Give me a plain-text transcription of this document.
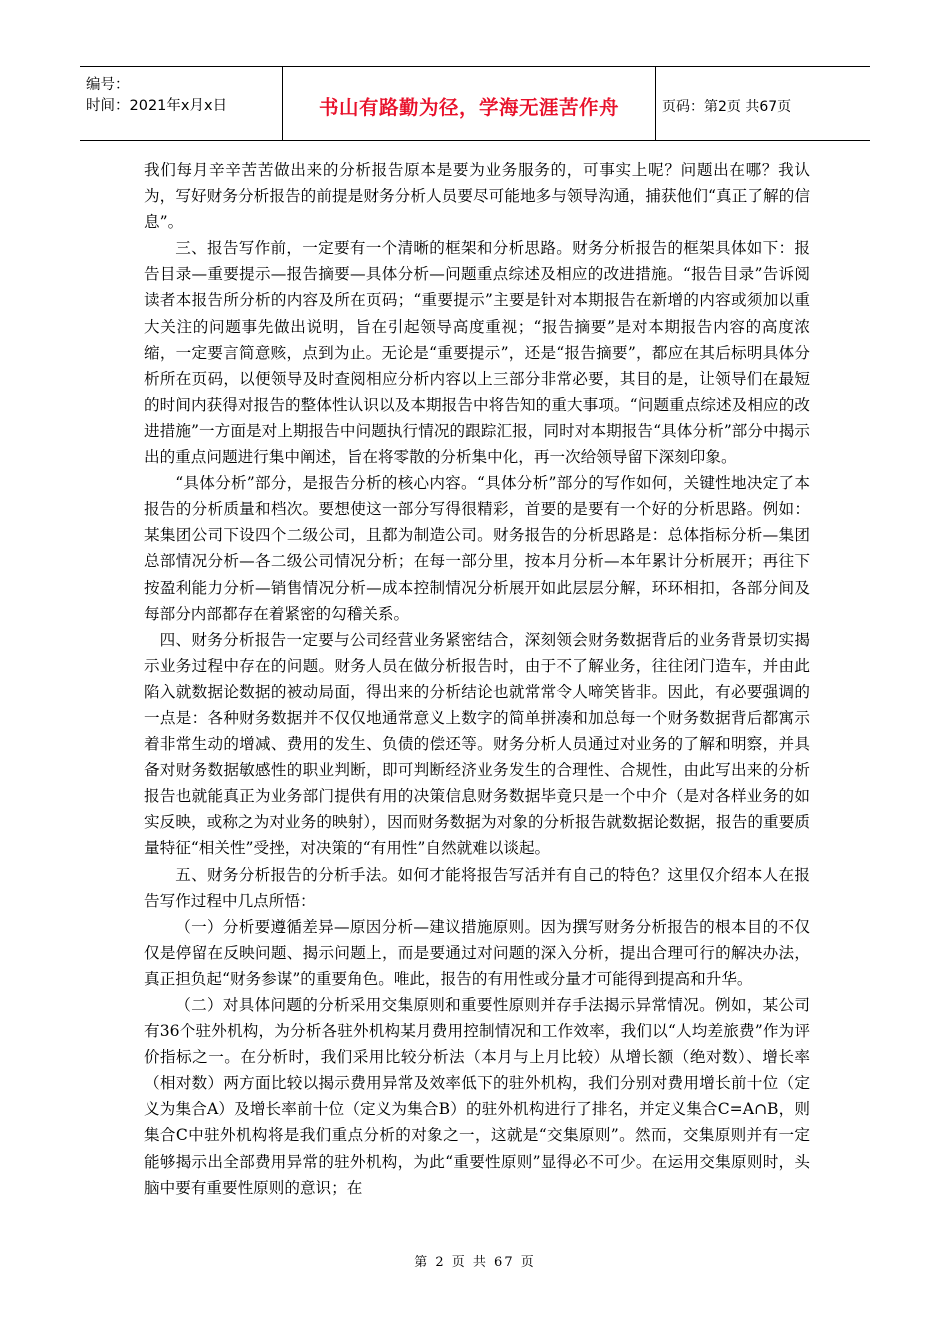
编号：
时间：2021年x月x日	书山有路勤为径，学海无涯苦作舟	页码：第2页 共67页

我们每月辛辛苦苦做出来的分析报告原本是要为业务服务的，可事实上呢？问题出在哪？我认为，写好财务分析报告的前提是财务分析人员要尽可能地多与领导沟通，捕获他们“真正了解的信息”。

三、报告写作前，一定要有一个清晰的框架和分析思路。财务分析报告的框架具体如下：报告目录—重要提示—报告摘要—具体分析—问题重点综述及相应的改进措施。“报告目录”告诉阅读者本报告所分析的内容及所在页码；“重要提示”主要是针对本期报告在新增的内容或须加以重大关注的问题事先做出说明，旨在引起领导高度重视；“报告摘要”是对本期报告内容的高度浓缩，一定要言简意赅，点到为止。无论是“重要提示”，还是“报告摘要”，都应在其后标明具体分析所在页码，以便领导及时查阅相应分析内容以上三部分非常必要，其目的是，让领导们在最短的时间内获得对报告的整体性认识以及本期报告中将告知的重大事项。“问题重点综述及相应的改进措施”一方面是对上期报告中问题执行情况的跟踪汇报，同时对本期报告“具体分析”部分中揭示出的重点问题进行集中阐述，旨在将零散的分析集中化，再一次给领导留下深刻印象。

“具体分析”部分，是报告分析的核心内容。“具体分析”部分的写作如何，关键性地决定了本报告的分析质量和档次。要想使这一部分写得很精彩，首要的是要有一个好的分析思路。例如：某集团公司下设四个二级公司，且都为制造公司。财务报告的分析思路是：总体指标分析—集团总部情况分析—各二级公司情况分析；在每一部分里，按本月分析—本年累计分析展开；再往下按盈利能力分析—销售情况分析—成本控制情况分析展开如此层层分解，环环相扣，各部分间及每部分内部都存在着紧密的勾稽关系。

四、财务分析报告一定要与公司经营业务紧密结合，深刻领会财务数据背后的业务背景切实揭示业务过程中存在的问题。财务人员在做分析报告时，由于不了解业务，往往闭门造车，并由此陷入就数据论数据的被动局面，得出来的分析结论也就常常令人啼笑皆非。因此，有必要强调的一点是：各种财务数据并不仅仅地通常意义上数字的简单拼凑和加总每一个财务数据背后都寓示着非常生动的增减、费用的发生、负债的偿还等。财务分析人员通过对业务的了解和明察，并具备对财务数据敏感性的职业判断，即可判断经济业务发生的合理性、合规性，由此写出来的分析报告也就能真正为业务部门提供有用的决策信息财务数据毕竟只是一个中介（是对各样业务的如实反映，或称之为对业务的映射），因而财务数据为对象的分析报告就数据论数据，报告的重要质量特征“相关性”受挫，对决策的“有用性”自然就难以谈起。

五、财务分析报告的分析手法。如何才能将报告写活并有自己的特色？这里仅介绍本人在报告写作过程中几点所悟：

（一）分析要遵循差异—原因分析—建议措施原则。因为撰写财务分析报告的根本目的不仅仅是停留在反映问题、揭示问题上，而是要通过对问题的深入分析，提出合理可行的解决办法，真正担负起“财务参谋”的重要角色。唯此，报告的有用性或分量才可能得到提高和升华。

（二）对具体问题的分析采用交集原则和重要性原则并存手法揭示异常情况。例如，某公司有36个驻外机构，为分析各驻外机构某月费用控制情况和工作效率，我们以“人均差旅费”作为评价指标之一。在分析时，我们采用比较分析法（本月与上月比较）从增长额（绝对数）、增长率（相对数）两方面比较以揭示费用异常及效率低下的驻外机构，我们分别对费用增长前十位（定义为集合A）及增长率前十位（定义为集合B）的驻外机构进行了排名，并定义集合C=A∩B，则集合C中驻外机构将是我们重点分析的对象之一，这就是“交集原则”。然而，交集原则并有一定能够揭示出全部费用异常的驻外机构，为此“重要性原则”显得必不可少。在运用交集原则时，头脑中要有重要性原则的意识；在

第 2 页 共 67 页
